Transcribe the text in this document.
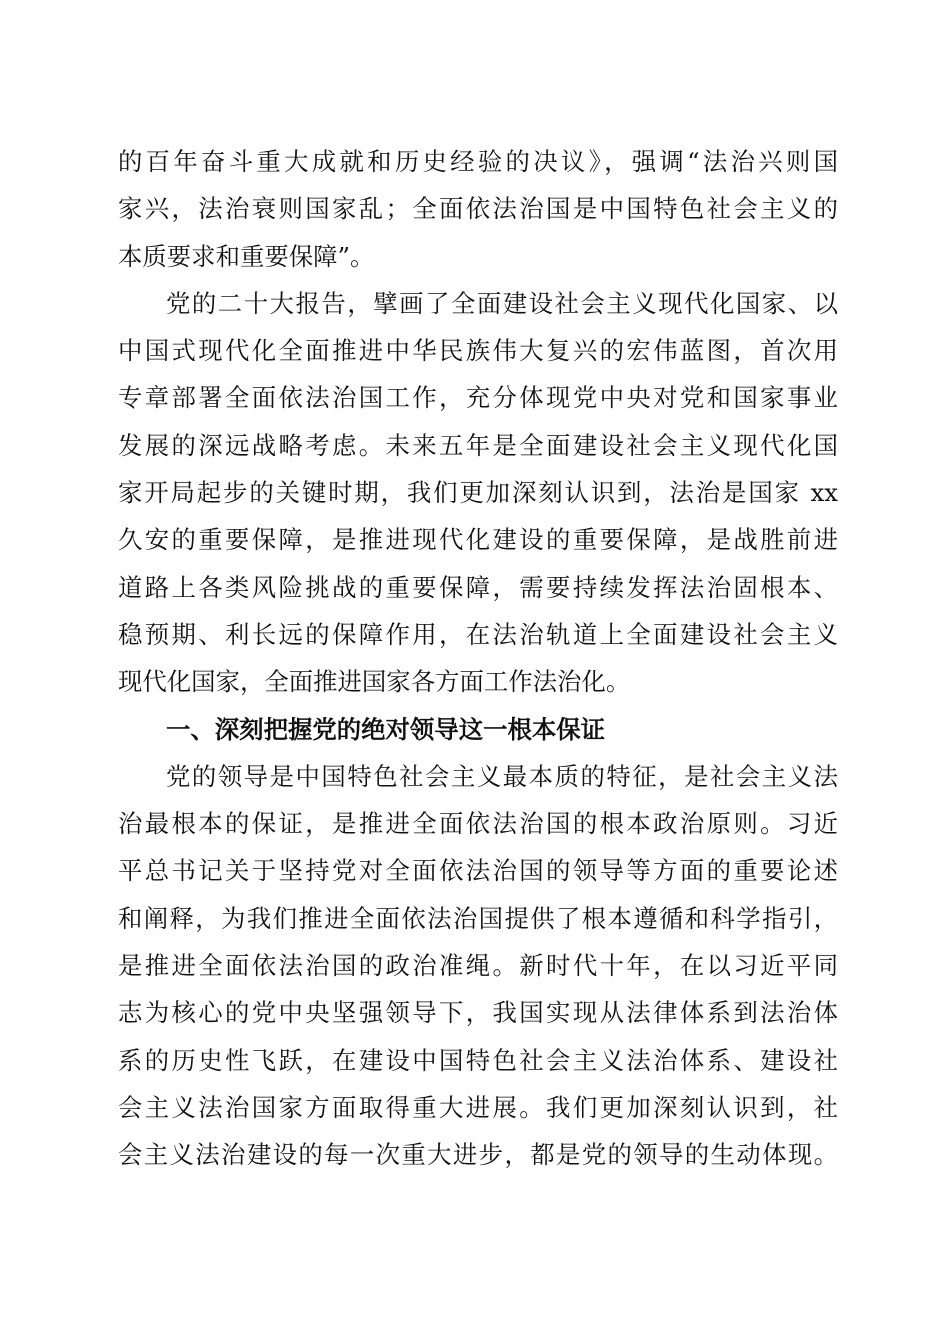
的百年奋斗重大成就和历史经验的决议》，强调“法治兴则国
家兴，法治衰则国家乱；全面依法治国是中国特色社会主义的
本质要求和重要保障”。
党的二十大报告，擘画了全面建设社会主义现代化国家、以
中国式现代化全面推进中华民族伟大复兴的宏伟蓝图，首次用
专章部署全面依法治国工作，充分体现党中央对党和国家事业
发展的深远战略考虑。未来五年是全面建设社会主义现代化国
家开局起步的关键时期，我们更加深刻认识到，法治是国家 xx
久安的重要保障，是推进现代化建设的重要保障，是战胜前进
道路上各类风险挑战的重要保障，需要持续发挥法治固根本、
稳预期、利长远的保障作用，在法治轨道上全面建设社会主义
现代化国家，全面推进国家各方面工作法治化。
一、深刻把握党的绝对领导这一根本保证
党的领导是中国特色社会主义最本质的特征，是社会主义法
治最根本的保证，是推进全面依法治国的根本政治原则。习近
平总书记关于坚持党对全面依法治国的领导等方面的重要论述
和阐释，为我们推进全面依法治国提供了根本遵循和科学指引，
是推进全面依法治国的政治准绳。新时代十年，在以习近平同
志为核心的党中央坚强领导下，我国实现从法律体系到法治体
系的历史性飞跃，在建设中国特色社会主义法治体系、建设社
会主义法治国家方面取得重大进展。我们更加深刻认识到，社
会主义法治建设的每一次重大进步，都是党的领导的生动体现。
